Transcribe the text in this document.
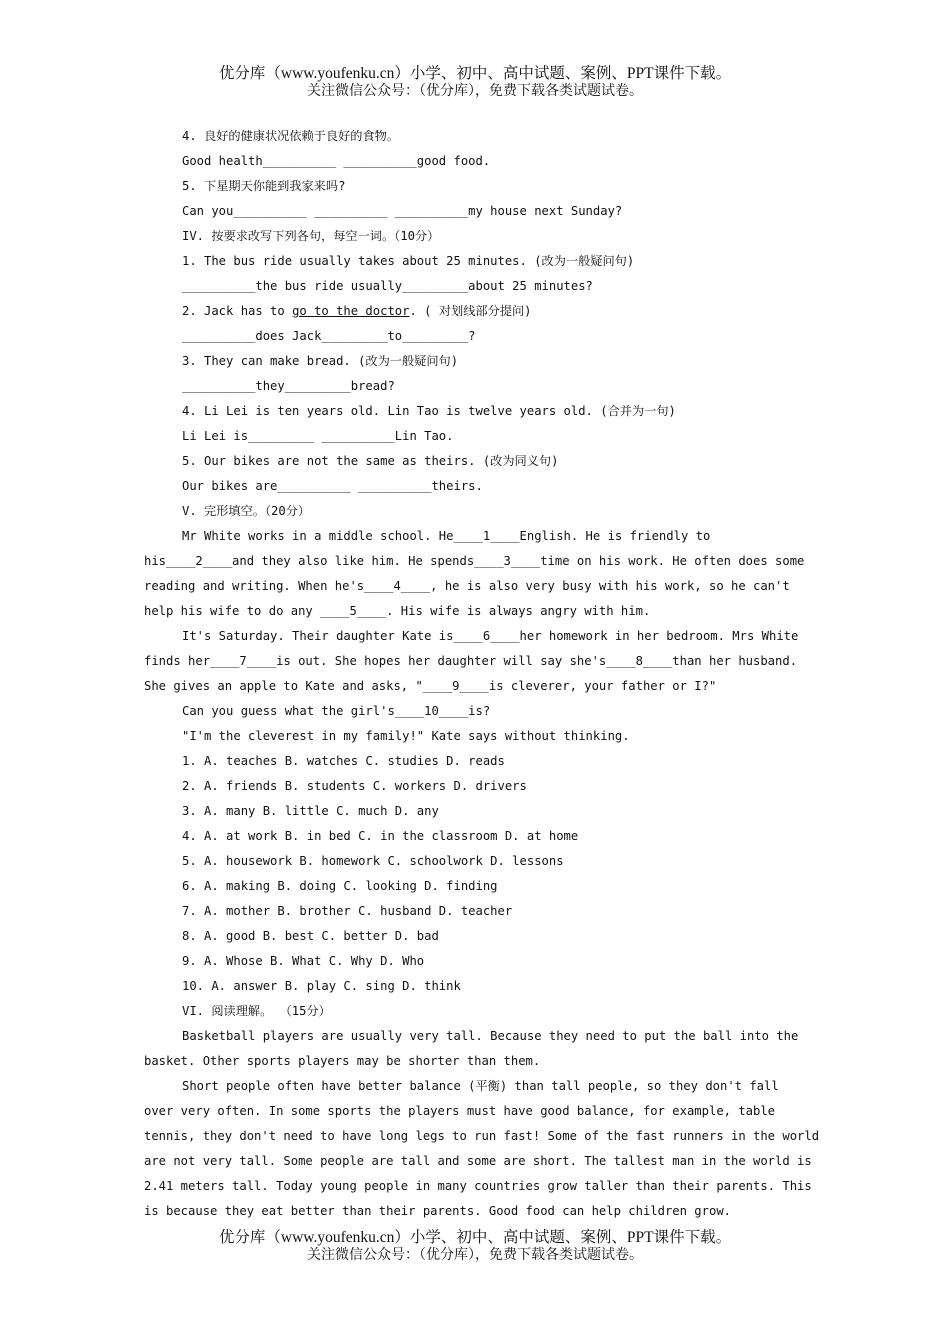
优分库（www.youfenku.cn）小学、初中、高中试题、案例、PPT课件下载。
关注微信公众号：（优分库），免费下载各类试题试卷。
4. 良好的健康状况依赖于良好的食物。
Good health__________ __________good food.
5. 下星期天你能到我家来吗?
Can you__________ __________ __________my house next Sunday?
IV. 按要求改写下列各句，每空一词。（10分）
1. The bus ride usually takes about 25 minutes. (改为一般疑问句)
__________the bus ride usually_________about 25 minutes?
2. Jack has to go to the doctor. ( 对划线部分提问)
__________does Jack_________to_________?
3. They can make bread. (改为一般疑问句)
__________they_________bread?
4. Li Lei is ten years old. Lin Tao is twelve years old. (合并为一句)
Li Lei is_________ __________Lin Tao.
5. Our bikes are not the same as theirs. (改为同义句)
Our bikes are__________ __________theirs.
V. 完形填空。（20分）
Mr White works in a middle school. He____1____English. He is friendly to
his____2____and they also like him. He spends____3____time on his work. He often does some
reading and writing. When he's____4____, he is also very busy with his work, so he can't
help his wife to do any ____5____. His wife is always angry with him.
It's Saturday. Their daughter Kate is____6____her homework in her bedroom. Mrs White
finds her____7____is out. She hopes her daughter will say she's____8____than her husband.
She gives an apple to Kate and asks, "____9____is cleverer, your father or I?"
Can you guess what the girl's____10____is?
"I'm the cleverest in my family!" Kate says without thinking.
1. A. teaches B. watches C. studies D. reads
2. A. friends B. students C. workers D. drivers
3. A. many B. little C. much D. any
4. A. at work B. in bed C. in the classroom D. at home
5. A. housework B. homework C. schoolwork D. lessons
6. A. making B. doing C. looking D. finding
7. A. mother B. brother C. husband D. teacher
8. A. good B. best C. better D. bad
9. A. Whose B. What C. Why D. Who
10. A. answer B. play C. sing D. think
VI. 阅读理解。 （15分）
Basketball players are usually very tall. Because they need to put the ball into the
basket. Other sports players may be shorter than them.
Short people often have better balance (平衡) than tall people, so they don't fall
over very often. In some sports the players must have good balance, for example, table
tennis, they don't need to have long legs to run fast! Some of the fast runners in the world
are not very tall. Some people are tall and some are short. The tallest man in the world is
2.41 meters tall. Today young people in many countries grow taller than their parents. This
is because they eat better than their parents. Good food can help children grow.
优分库（www.youfenku.cn）小学、初中、高中试题、案例、PPT课件下载。
关注微信公众号：（优分库），免费下载各类试题试卷。
